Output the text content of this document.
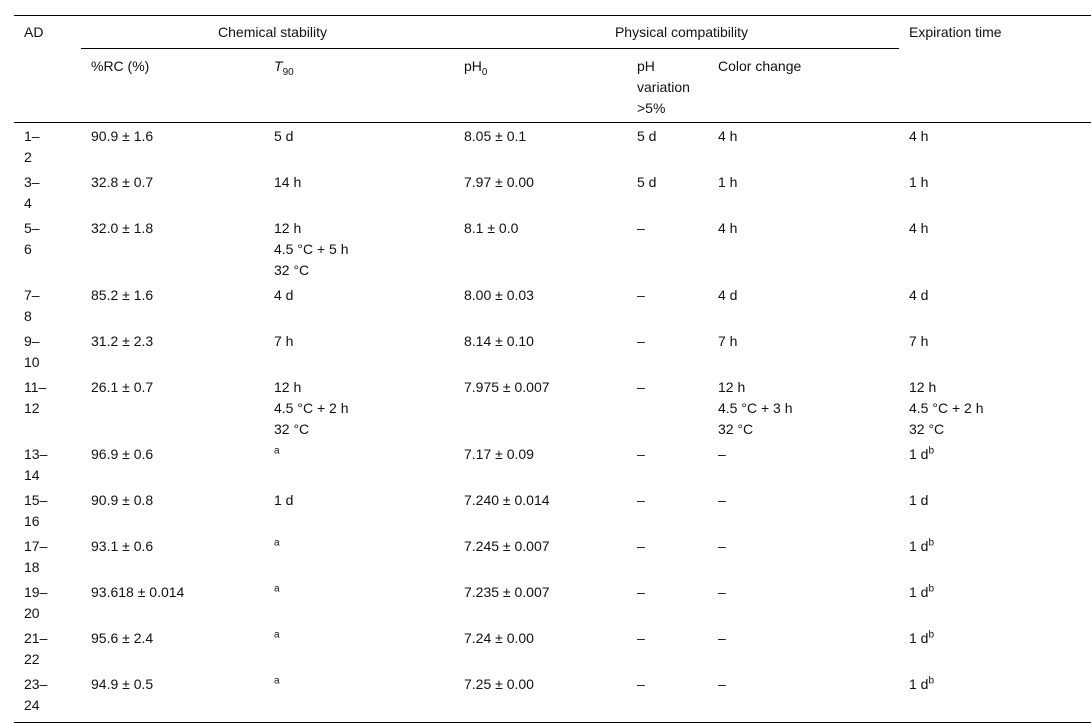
AD	Chemical stability		Physical compatibility			Expiration time
	%RC (%)	$T_{90}$	$pH_0$	pH
variation
>5%	Color change	

1–
2	90.9 ± 1.6	5 d	8.05 ± 0.1	5 d	4 h	4 h

3–
4	32.8 ± 0.7	14 h	7.97 ± 0.00	5 d	1 h	1 h

5–
6	32.0 ± 1.8	12 h
4.5 °C + 5 h
32 °C	8.1 ± 0.0	–	4 h	4 h

7–
8	85.2 ± 1.6	4 d	8.00 ± 0.03	–	4 d	4 d

9–
10	31.2 ± 2.3	7 h	8.14 ± 0.10	–	7 h	7 h

11–
12	26.1 ± 0.7	12 h
4.5 °C + 2 h
32 °C	7.975 ± 0.007	–	12 h
4.5 °C + 3 h
32 °C	12 h
4.5 °C + 2 h
32 °C

13–
14	96.9 ± 0.6	$^a$	7.17 ± 0.09	–	–	1 $d^b$

15–
16	90.9 ± 0.8	1 d	7.240 ± 0.014	–	–	1 d

17–
18	93.1 ± 0.6	$^a$	7.245 ± 0.007	–	–	1 $d^b$

19–
20	93.618 ± 0.014	$^a$	7.235 ± 0.007	–	–	1 $d^b$

21–
22	95.6 ± 2.4	$^a$	7.24 ± 0.00	–	–	1 $d^b$

23–
24	94.9 ± 0.5	$^a$	7.25 ± 0.00	–	–	1 $d^b$
